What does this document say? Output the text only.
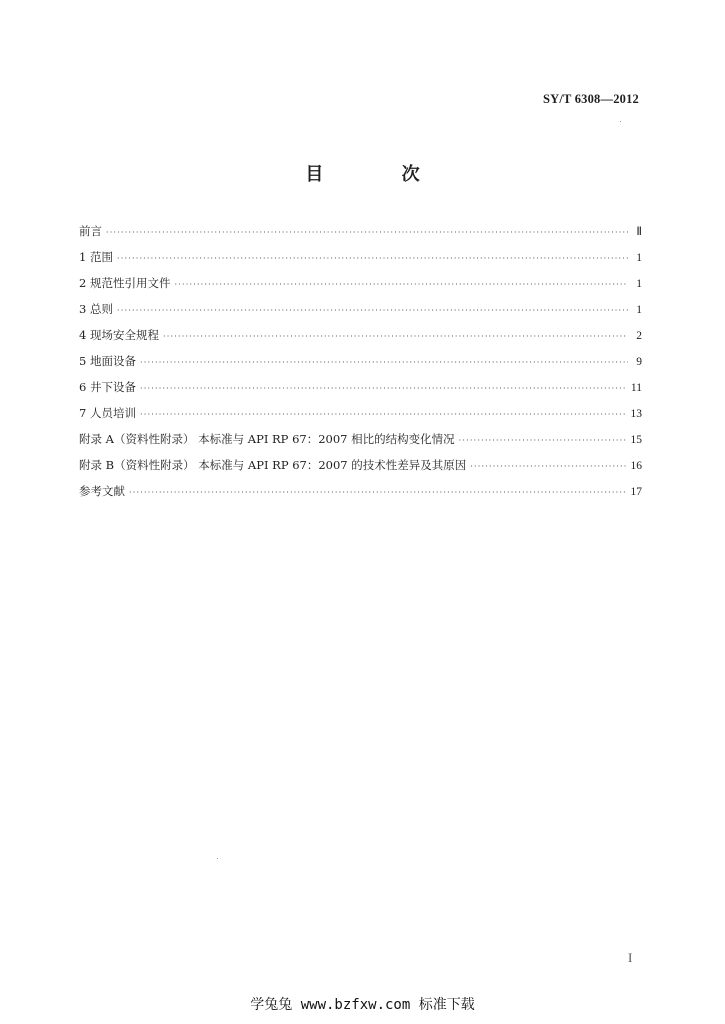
SY/T 6308—2012
目 次
前言 ·····	Ⅱ
1 范围 ·····	1
2 规范性引用文件 ·····	1
3 总则 ·····	1
4 现场安全规程 ·····	2
5 地面设备 ·····	9
6 井下设备 ·····	11
7 人员培训 ·····	13
附录 A（资料性附录） 本标准与 API RP 67：2007 相比的结构变化情况 ·····	15
附录 B（资料性附录） 本标准与 API RP 67：2007 的技术性差异及其原因 ·····	16
参考文献 ·····	17
I
学兔兔 www.bzfxw.com 标准下载
